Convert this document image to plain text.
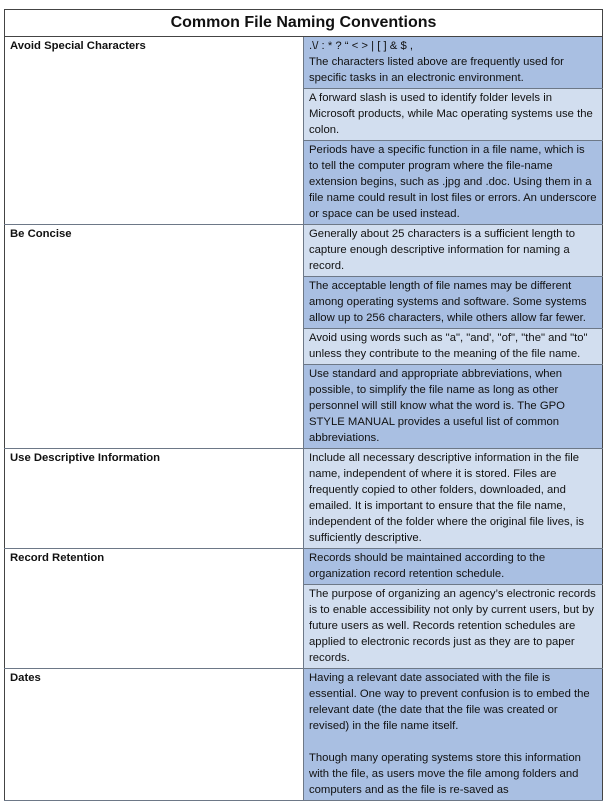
Common File Naming Conventions	
Avoid Special Characters	.\/ : * ? “ < > | [ ] & $ ,
The characters listed above are frequently used for specific tasks in an electronic environment.

	A forward slash is used to identify folder levels in Microsoft products, while Mac operating systems use the colon.

	Periods have a specific function in a file name, which is to tell the computer program where the file-name extension begins, such as .jpg and .doc. Using them in a file name could result in lost files or errors. An underscore or space can be used instead.

Be Concise	Generally about 25 characters is a sufficient length to capture enough descriptive information for naming a record.

	The acceptable length of file names may be different among operating systems and software. Some systems allow up to 256 characters, while others allow far fewer.

	Avoid using words such as "a", "and', "of", "the" and "to" unless they contribute to the meaning of the file name.

	Use standard and appropriate abbreviations, when possible, to simplify the file name as long as other personnel will still know what the word is. The GPO STYLE MANUAL provides a useful list of common abbreviations.

Use Descriptive Information	Include all necessary descriptive information in the file name, independent of where it is stored. Files are frequently copied to other folders, downloaded, and emailed. It is important to ensure that the file name, independent of the folder where the original file lives, is sufficiently descriptive.

Record Retention	Records should be maintained according to the organization record retention schedule.

	The purpose of organizing an agency’s electronic records is to enable accessibility not only by current users, but by future users as well. Records retention schedules are applied to electronic records just as they are to paper records.

Dates	Having a relevant date associated with the file is essential. One way to prevent confusion is to embed the relevant date (the date that the file was created or revised) in the file name itself.
Though many operating systems store this information with the file, as users move the file among folders and computers and as the file is re-saved as
